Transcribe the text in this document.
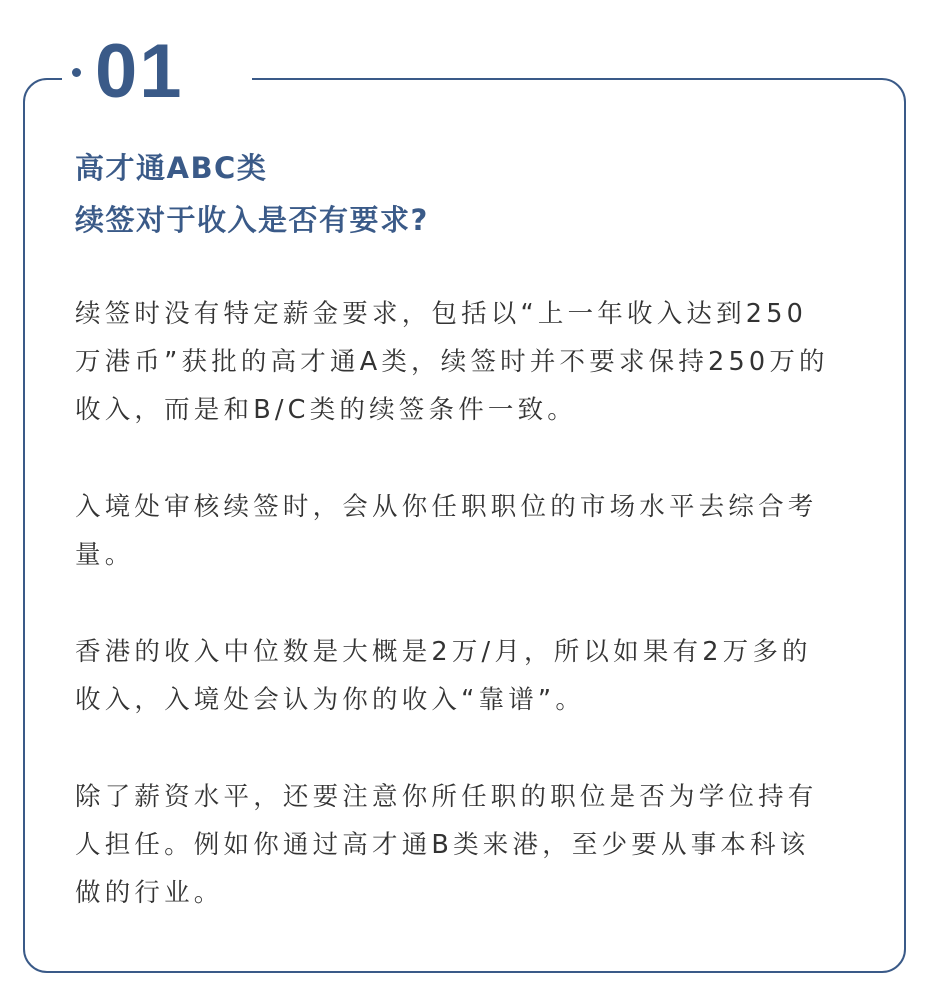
01
高才通ABC类
续签对于收入是否有要求?

续签时没有特定薪金要求，包括以“上一年收入达到250
万港币”获批的高才通A类，续签时并不要求保持250万的
收入，而是和B/C类的续签条件一致。

入境处审核续签时，会从你任职职位的市场水平去综合考
量。

香港的收入中位数是大概是2万/月，所以如果有2万多的
收入，入境处会认为你的收入“靠谱”。

除了薪资水平，还要注意你所任职的职位是否为学位持有
人担任。例如你通过高才通B类来港，至少要从事本科该
做的行业。
